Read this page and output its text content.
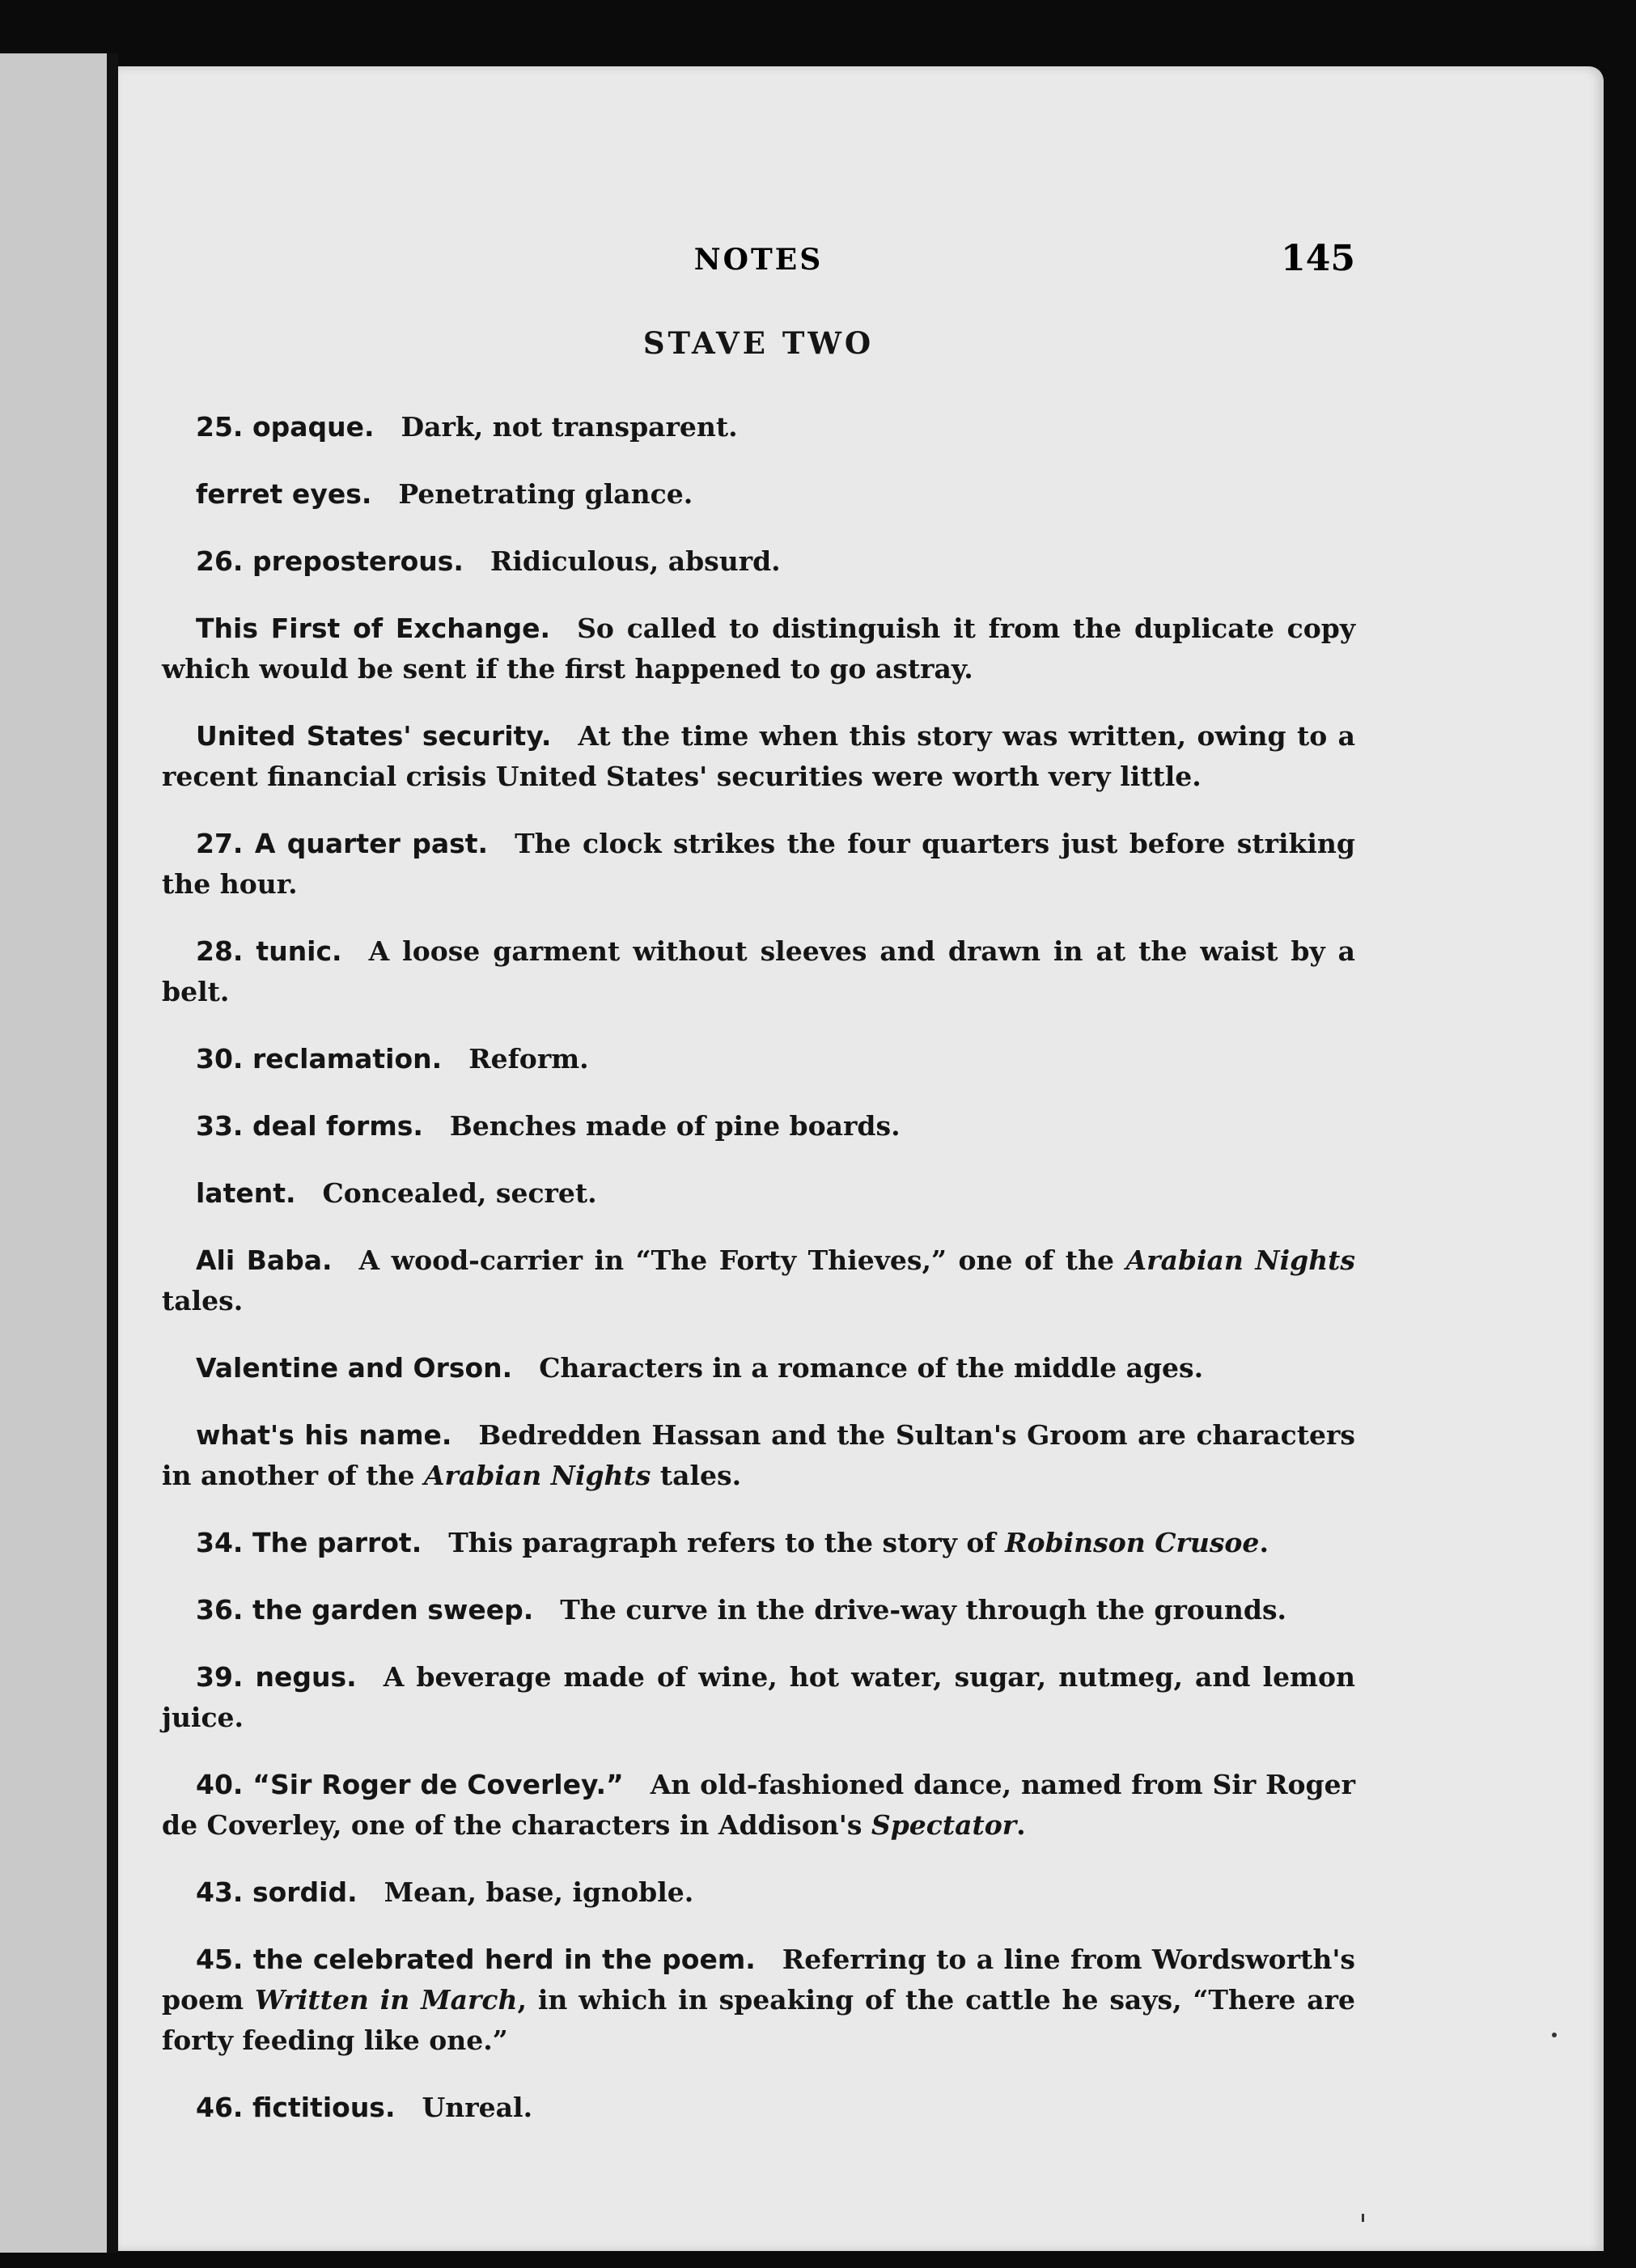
NOTES	145
STAVE TWO

25. opaque.  Dark, not transparent.

ferret eyes.  Penetrating glance.

26. preposterous.  Ridiculous, absurd.

This First of Exchange.  So called to distinguish it from the duplicate copy which would be sent if the first happened to go astray.

United States' security.  At the time when this story was written, owing to a recent financial crisis United States' securities were worth very little.

27. A quarter past.  The clock strikes the four quarters just before striking the hour.

28. tunic.  A loose garment without sleeves and drawn in at the waist by a belt.

30. reclamation.  Reform.

33. deal forms.  Benches made of pine boards.

latent.  Concealed, secret.

Ali Baba.  A wood-carrier in “The Forty Thieves,” one of the Arabian Nights tales.

Valentine and Orson.  Characters in a romance of the middle ages.

what's his name.  Bedredden Hassan and the Sultan's Groom are characters in another of the Arabian Nights tales.

34. The parrot.  This paragraph refers to the story of Robinson Crusoe.

36. the garden sweep.  The curve in the drive-way through the grounds.

39. negus.  A beverage made of wine, hot water, sugar, nutmeg, and lemon juice.

40. “Sir Roger de Coverley.”  An old-fashioned dance, named from Sir Roger de Coverley, one of the characters in Addison's Spectator.

43. sordid.  Mean, base, ignoble.

45. the celebrated herd in the poem.  Referring to a line from Wordsworth's poem Written in March, in which in speaking of the cattle he says, “There are forty feeding like one.”

46. fictitious.  Unreal.
